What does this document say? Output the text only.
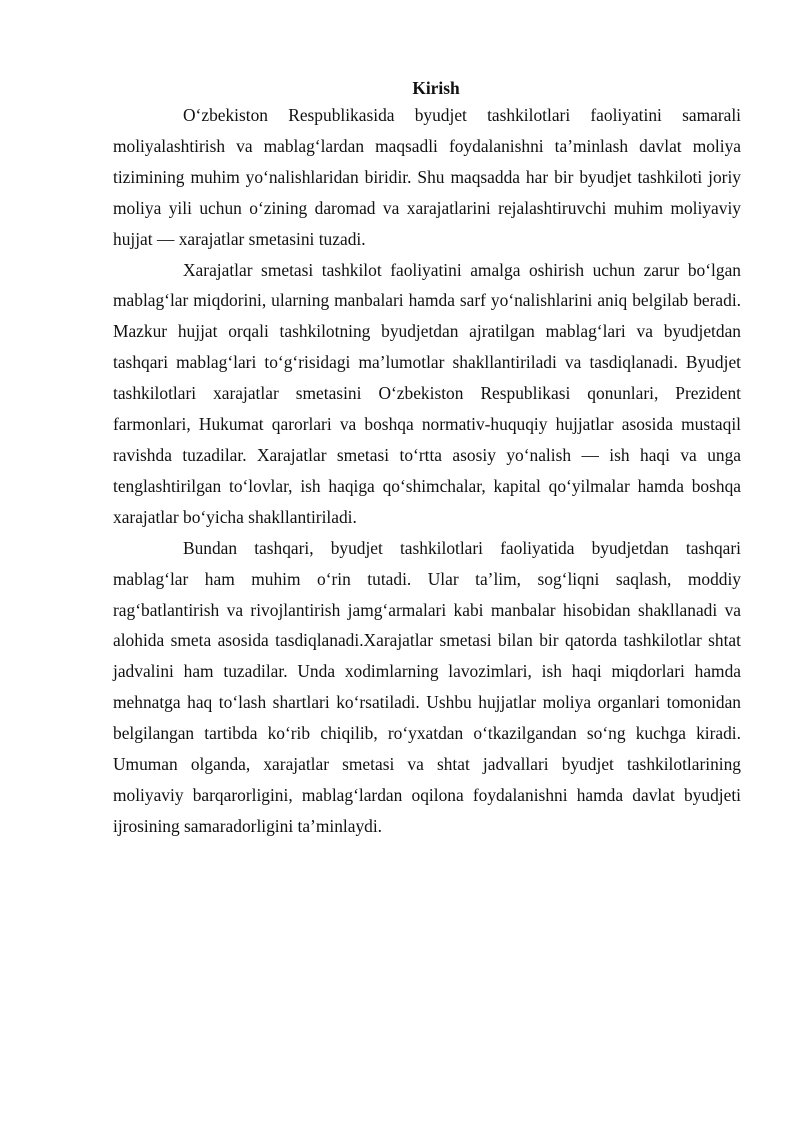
Kirish

O‘zbekiston Respublikasida byudjet tashkilotlari faoliyatini samarali moliyalashtirish va mablag‘lardan maqsadli foydalanishni ta’minlash davlat moliya tizimining muhim yo‘nalishlaridan biridir. Shu maqsadda har bir byudjet tashkiloti joriy moliya yili uchun o‘zining daromad va xarajatlarini rejalashtiruvchi muhim moliyaviy hujjat — xarajatlar smetasini tuzadi.

Xarajatlar smetasi tashkilot faoliyatini amalga oshirish uchun zarur bo‘lgan mablag‘lar miqdorini, ularning manbalari hamda sarf yo‘nalishlarini aniq belgilab beradi. Mazkur hujjat orqali tashkilotning byudjetdan ajratilgan mablag‘lari va byudjetdan tashqari mablag‘lari to‘g‘risidagi ma’lumotlar shakllantiriladi va tasdiqlanadi. Byudjet tashkilotlari xarajatlar smetasini O‘zbekiston Respublikasi qonunlari, Prezident farmonlari, Hukumat qarorlari va boshqa normativ-huquqiy hujjatlar asosida mustaqil ravishda tuzadilar. Xarajatlar smetasi to‘rtta asosiy yo‘nalish — ish haqi va unga tenglashtirilgan to‘lovlar, ish haqiga qo‘shimchalar, kapital qo‘yilmalar hamda boshqa xarajatlar bo‘yicha shakllantiriladi.

Bundan tashqari, byudjet tashkilotlari faoliyatida byudjetdan tashqari mablag‘lar ham muhim o‘rin tutadi. Ular ta’lim, sog‘liqni saqlash, moddiy rag‘batlantirish va rivojlantirish jamg‘armalari kabi manbalar hisobidan shakllanadi va alohida smeta asosida tasdiqlanadi.Xarajatlar smetasi bilan bir qatorda tashkilotlar shtat jadvalini ham tuzadilar. Unda xodimlarning lavozimlari, ish haqi miqdorlari hamda mehnatga haq to‘lash shartlari ko‘rsatiladi. Ushbu hujjatlar moliya organlari tomonidan belgilangan tartibda ko‘rib chiqilib, ro‘yxatdan o‘tkazilgandan so‘ng kuchga kiradi. Umuman olganda, xarajatlar smetasi va shtat jadvallari byudjet tashkilotlarining moliyaviy barqarorligini, mablag‘lardan oqilona foydalanishni hamda davlat byudjeti ijrosining samaradorligini ta’minlaydi.
